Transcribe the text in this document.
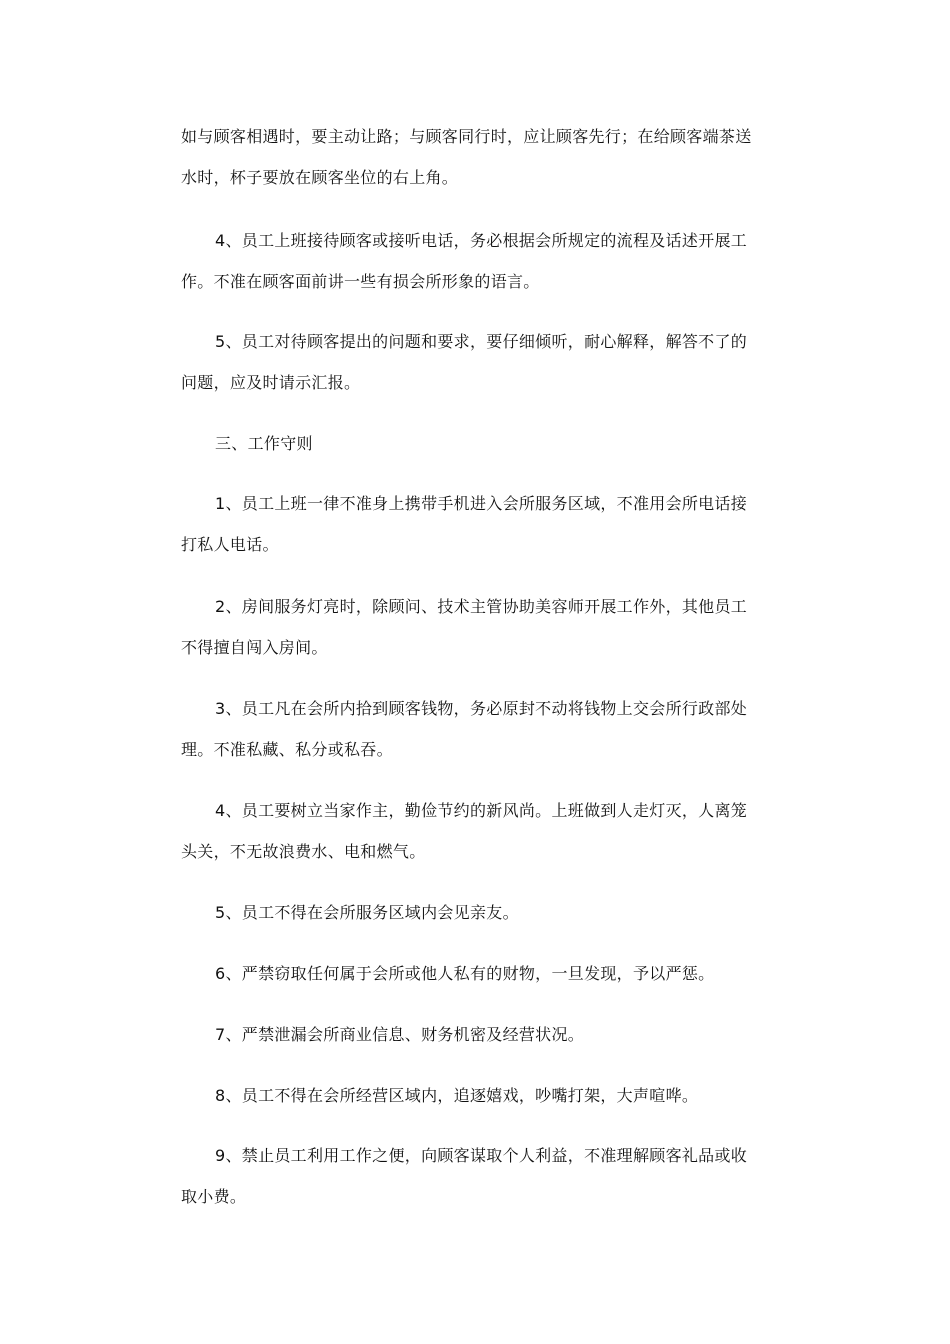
如与顾客相遇时，要主动让路；与顾客同行时，应让顾客先行；在给顾客端茶送
水时，杯子要放在顾客坐位的右上角。

4、员工上班接待顾客或接听电话，务必根据会所规定的流程及话述开展工
作。不准在顾客面前讲一些有损会所形象的语言。

5、员工对待顾客提出的问题和要求，要仔细倾听，耐心解释，解答不了的
问题，应及时请示汇报。

三、工作守则

1、员工上班一律不准身上携带手机进入会所服务区域，不准用会所电话接
打私人电话。

2、房间服务灯亮时，除顾问、技术主管协助美容师开展工作外，其他员工
不得擅自闯入房间。

3、员工凡在会所内拾到顾客钱物，务必原封不动将钱物上交会所行政部处
理。不准私藏、私分或私吞。

4、员工要树立当家作主，勤俭节约的新风尚。上班做到人走灯灭，人离笼
头关，不无故浪费水、电和燃气。

5、员工不得在会所服务区域内会见亲友。

6、严禁窃取任何属于会所或他人私有的财物，一旦发现，予以严惩。

7、严禁泄漏会所商业信息、财务机密及经营状况。

8、员工不得在会所经营区域内，追逐嬉戏，吵嘴打架，大声喧哗。

9、禁止员工利用工作之便，向顾客谋取个人利益，不准理解顾客礼品或收
取小费。
